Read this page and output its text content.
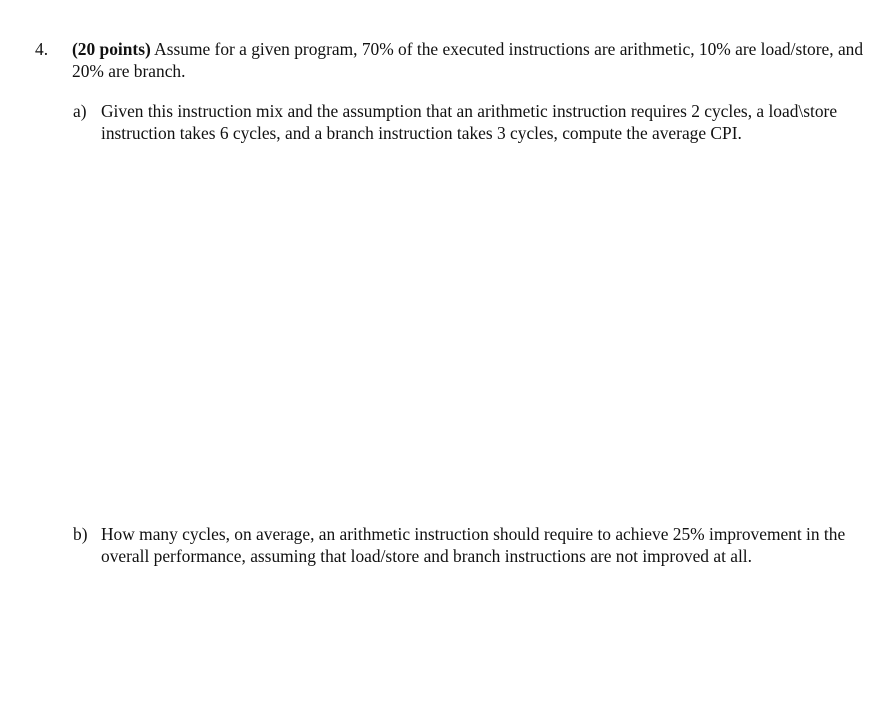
4. (20 points) Assume for a given program, 70% of the executed instructions are arithmetic, 10% are load/store, and 20% are branch.
a) Given this instruction mix and the assumption that an arithmetic instruction requires 2 cycles, a load\store instruction takes 6 cycles, and a branch instruction takes 3 cycles, compute the average CPI.
b) How many cycles, on average, an arithmetic instruction should require to achieve 25% improvement in the overall performance, assuming that load/store and branch instructions are not improved at all.
